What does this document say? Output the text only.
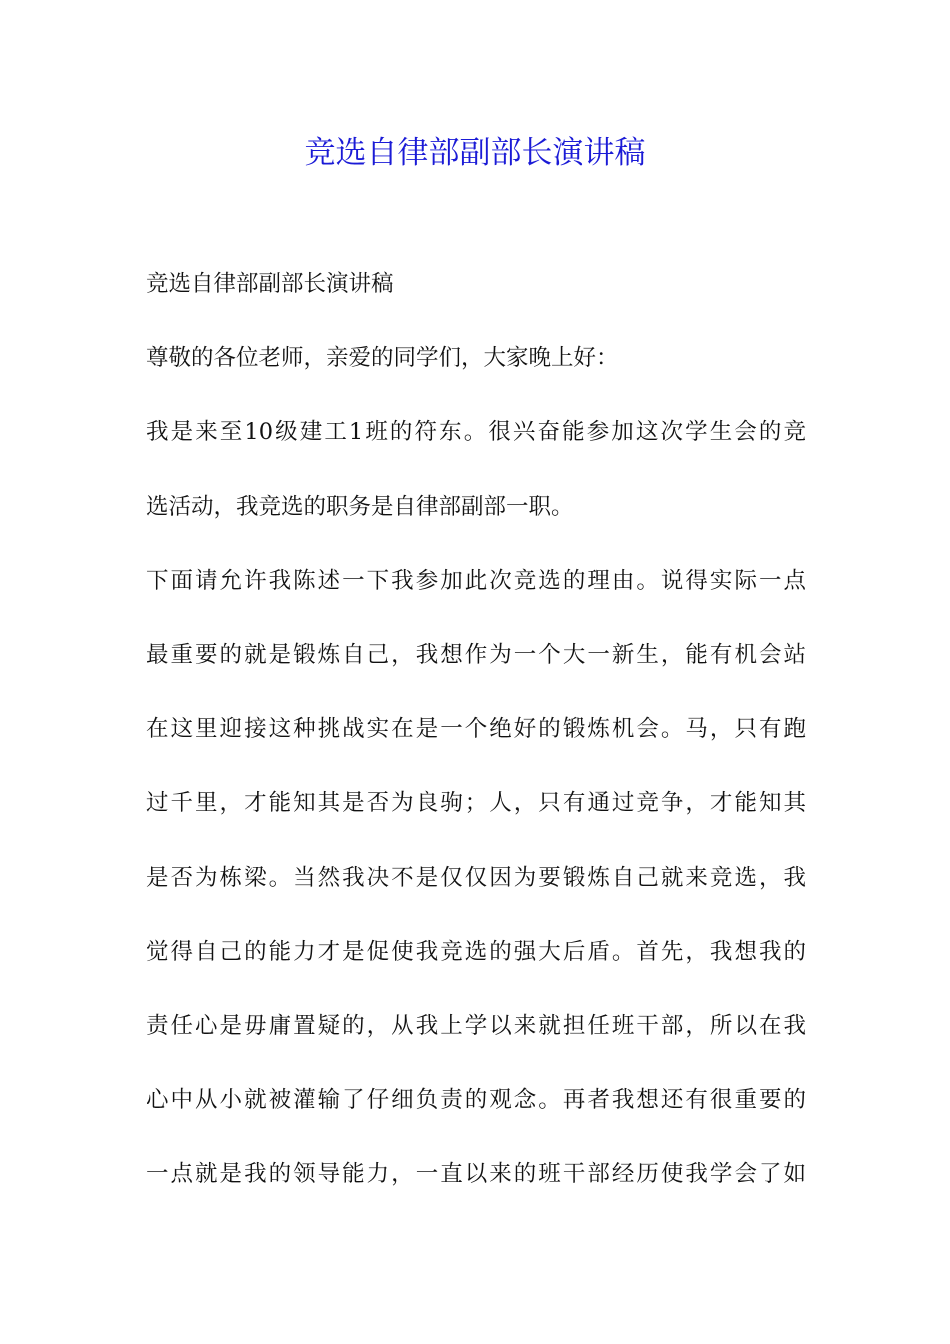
竞选自律部副部长演讲稿
竞选自律部副部长演讲稿
尊敬的各位老师，亲爱的同学们，大家晚上好：
我是来至10级建工1班的符东。很兴奋能参加这次学生会的竞
选活动，我竞选的职务是自律部副部一职。
下面请允许我陈述一下我参加此次竞选的理由。说得实际一点
最重要的就是锻炼自己，我想作为一个大一新生，能有机会站
在这里迎接这种挑战实在是一个绝好的锻炼机会。马，只有跑
过千里，才能知其是否为良驹；人，只有通过竞争，才能知其
是否为栋梁。当然我决不是仅仅因为要锻炼自己就来竞选，我
觉得自己的能力才是促使我竞选的强大后盾。首先，我想我的
责任心是毋庸置疑的，从我上学以来就担任班干部，所以在我
心中从小就被灌输了仔细负责的观念。再者我想还有很重要的
一点就是我的领导能力，一直以来的班干部经历使我学会了如
